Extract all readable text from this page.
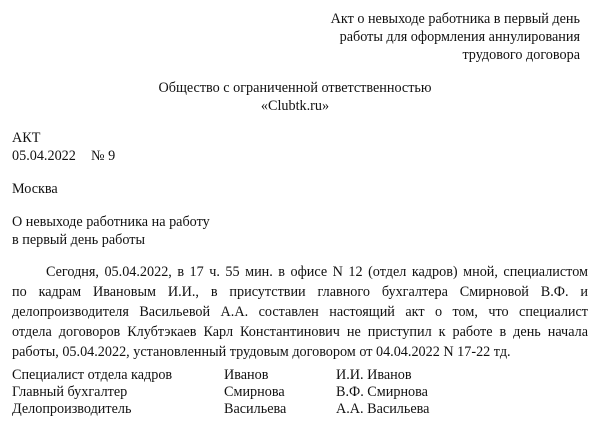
Акт о невыходе работника в первый день
работы для оформления аннулирования
трудового договора
Общество с ограниченной ответственностью
«Clubtk.ru»
АКТ
05.04.2022 № 9
Москва
О невыходе работника на работу
в первый день работы
Сегодня, 05.04.2022, в 17 ч. 55 мин. в офисе N 12 (отдел кадров) мной, специалистом
по кадрам Ивановым И.И., в присутствии главного бухгалтера Смирновой В.Ф. и
делопроизводителя Васильевой А.А. составлен настоящий акт о том, что специалист
отдела договоров Клубтэкаев Карл Константинович не приступил к работе в день начала
работы, 05.04.2022, установленный трудовым договором от 04.04.2022 N 17-22 тд.
Специалист отдела кадров	Иванов	И.И. Иванов
Главный бухгалтер	Смирнова	В.Ф. Смирнова
Делопроизводитель	Васильева	А.А. Васильева
